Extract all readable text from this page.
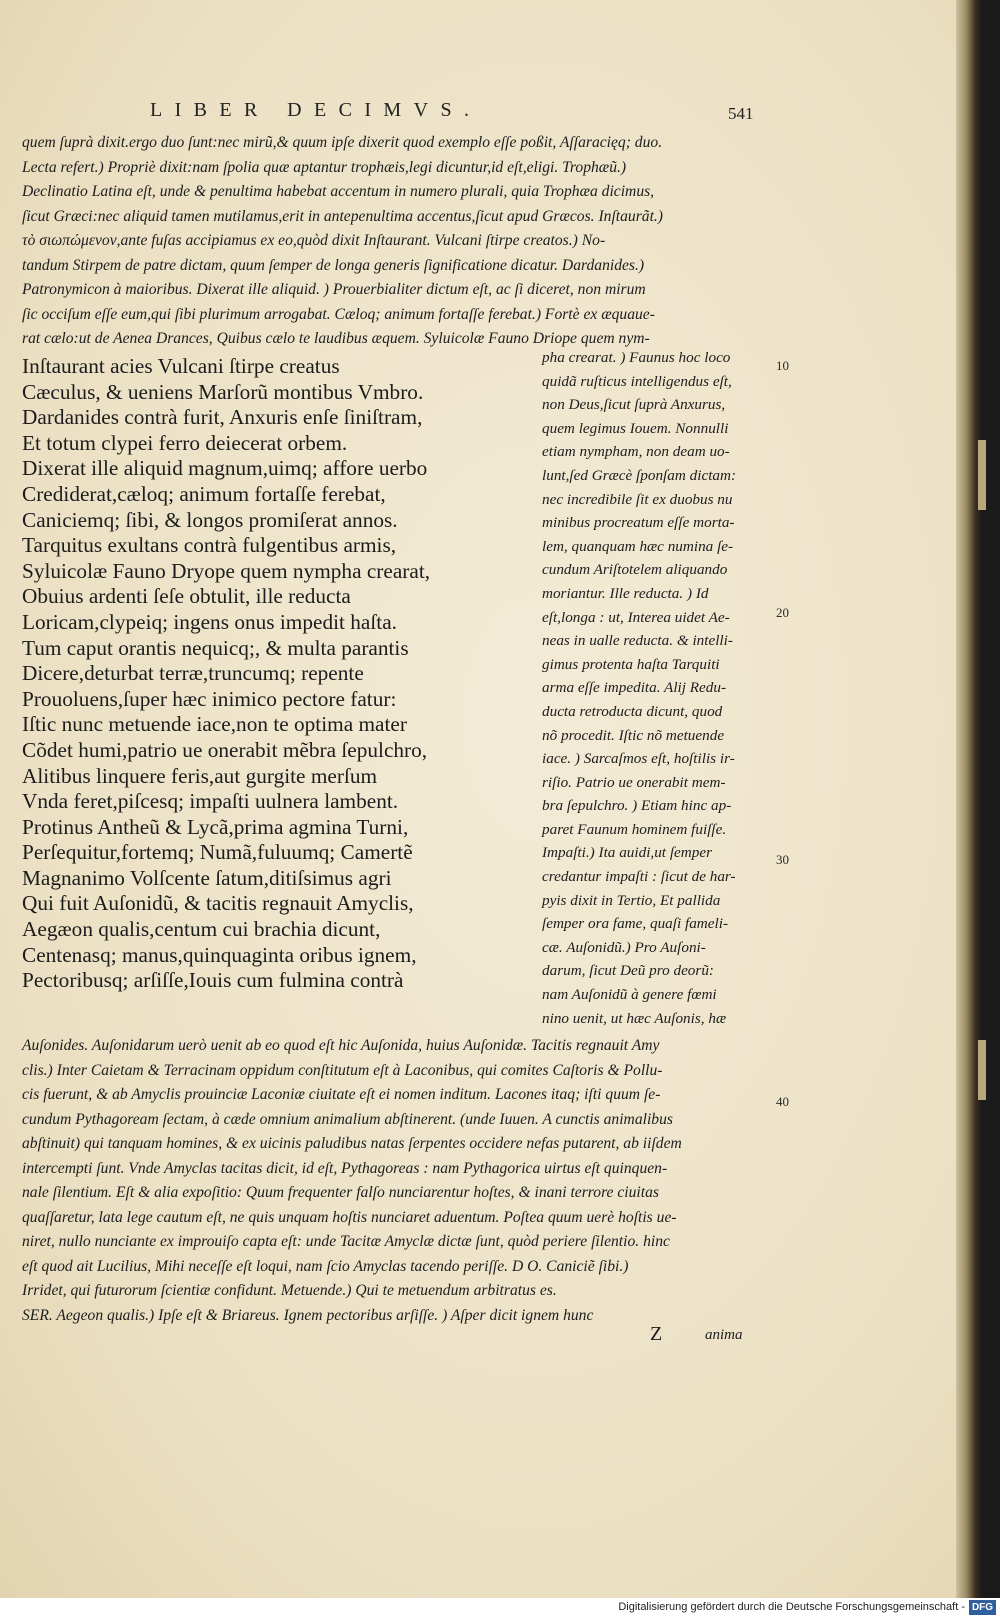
LIBER DECIMVS.	541

quem ſuprà dixit.ergo duo ſunt:nec mirũ,& quum ipſe dixerit quod exemplo eſſe poßit, Aſſaracięq; duo.

Lecta refert.) Propriè dixit:nam ſpolia quæ aptantur trophæis,legi dicuntur,id eſt,eligi. Trophæũ.)

Declinatio Latina eſt, unde & penultima habebat accentum in numero plurali, quia Trophæa dicimus,

ſicut Græci:nec aliquid tamen mutilamus,erit in antepenultima accentus,ſicut apud Græcos. Inſtaurãt.)

τὸ σιωπώμενον,ante fuſas accipiamus ex eo,quòd dixit Inſtaurant. Vulcani ſtirpe creatos.) No-

tandum Stirpem de patre dictam, quum ſemper de longa generis ſignificatione dicatur. Dardanides.)

Patronymicon à maioribus. Dixerat ille aliquid. ) Prouerbialiter dictum eſt, ac ſi diceret, non mirum

ſic occiſum eſſe eum,qui ſibi plurimum arrogabat. Cæloq; animum fortaſſe ferebat.) Fortè ex æquaue-

rat cælo:ut de Aenea Drances, Quibus cælo te laudibus æquem. Syluicolæ Fauno Driope quem nym-

Inſtaurant acies Vulcani ſtirpe creatus
Cæculus, & ueniens Marſorũ montibus Vmbro.
Dardanides contrà furit, Anxuris enſe ſiniſtram,
Et totum clypei ferro deiecerat orbem.
Dixerat ille aliquid magnum,uimq; affore uerbo
Crediderat,cæloq; animum fortaſſe ferebat,
Caniciemq; ſibi, & longos promiſerat annos.
Tarquitus exultans contrà fulgentibus armis,
Syluicolæ Fauno Dryope quem nympha crearat,
Obuius ardenti ſeſe obtulit, ille reducta
Loricam,clypeiq; ingens onus impedit haſta.
Tum caput orantis nequicq;, & multa parantis
Dicere,deturbat terræ,truncumq; repente
Prouoluens,ſuper hæc inimico pectore fatur:
Iſtic nunc metuende iace,non te optima mater
Cõdet humi,patrio ue onerabit mẽbra ſepulchro,
Alitibus linquere feris,aut gurgite merſum
Vnda feret,piſcesq; impaſti uulnera lambent.
Protinus Antheũ & Lycã,prima agmina Turni,
Perſequitur,fortemq; Numã,fuluumq; Camertẽ
Magnanimo Volſcente ſatum,ditiſsimus agri
Qui fuit Auſonidũ, & tacitis regnauit Amyclis,
Aegæon qualis,centum cui brachia dicunt,
Centenasq; manus,quinquaginta oribus ignem,
Pectoribusq; arſiſſe,Iouis cum fulmina contrà
pha crearat. ) Faunus hoc loco
quidã ruſticus intelligendus eſt,
non Deus,ſicut ſuprà Anxurus,
quem legimus Iouem. Nonnulli
etiam nympham, non deam uo-
lunt,ſed Græcè ſponſam dictam:
nec incredibile ſit ex duobus nu
minibus procreatum eſſe morta-
lem, quanquam hæc numina ſe-
cundum Ariſtotelem aliquando
moriantur. Ille reducta. ) Id
eſt,longa : ut, Interea uidet Ae-
neas in ualle reducta. & intelli-
gimus protenta haſta Tarquiti
arma eſſe impedita. Alij Redu-
ducta retroducta dicunt, quod
nõ procedit. Iſtic nõ metuende
iace. ) Sarcaſmos eſt, hoſtilis ir-
riſio. Patrio ue onerabit mem-
bra ſepulchro. ) Etiam hinc ap-
paret Faunum hominem fuiſſe.
Impaſti.) Ita auidi,ut ſemper
credantur impaſti : ſicut de har-
pyis dixit in Tertio, Et pallida
ſemper ora fame, quaſi fameli-
cæ. Auſonidũ.) Pro Auſoni-
darum, ſicut Deũ pro deorũ:
nam Auſonidũ à genere fœmi
nino uenit, ut hæc Auſonis, hæ
10
20
30
40

Auſonides. Auſonidarum uerò uenit ab eo quod eſt hic Auſonida, huius Auſonidæ. Tacitis regnauit Amy

clis.) Inter Caietam & Terracinam oppidum conſtitutum eſt à Laconibus, qui comites Caſtoris & Pollu-

cis fuerunt, & ab Amyclis prouinciæ Laconiæ ciuitate eſt ei nomen inditum. Lacones itaq; iſti quum ſe-

cundum Pythagoream ſectam, à cæde omnium animalium abſtinerent. (unde Iuuen. A cunctis animalibus

abſtinuit) qui tanquam homines, & ex uicinis paludibus natas ſerpentes occidere nefas putarent, ab iiſdem

intercempti ſunt. Vnde Amyclas tacitas dicit, id eſt, Pythagoreas : nam Pythagorica uirtus eſt quinquen-

nale ſilentium. Eſt & alia expoſitio: Quum frequenter falſo nunciarentur hoſtes, & inani terrore ciuitas

quaſſaretur, lata lege cautum eſt, ne quis unquam hoſtis nunciaret aduentum. Poſtea quum uerè hoſtis ue-

niret, nullo nunciante ex improuiſo capta eſt: unde Tacitæ Amyclæ dictæ ſunt, quòd periere ſilentio. hinc

eſt quod ait Lucilius, Mihi neceſſe eſt loqui, nam ſcio Amyclas tacendo periſſe. D O. Caniciẽ ſibi.)

Irridet, qui futurorum ſcientiæ confidunt. Metuende.) Qui te metuendum arbitratus es.

SER. Aegeon qualis.) Ipſe eſt & Briareus. Ignem pectoribus arſiſſe. ) Aſper dicit ignem hunc

Z	anima
Digitalisierung gefördert durch die Deutsche Forschungsgemeinschaft - DFG
